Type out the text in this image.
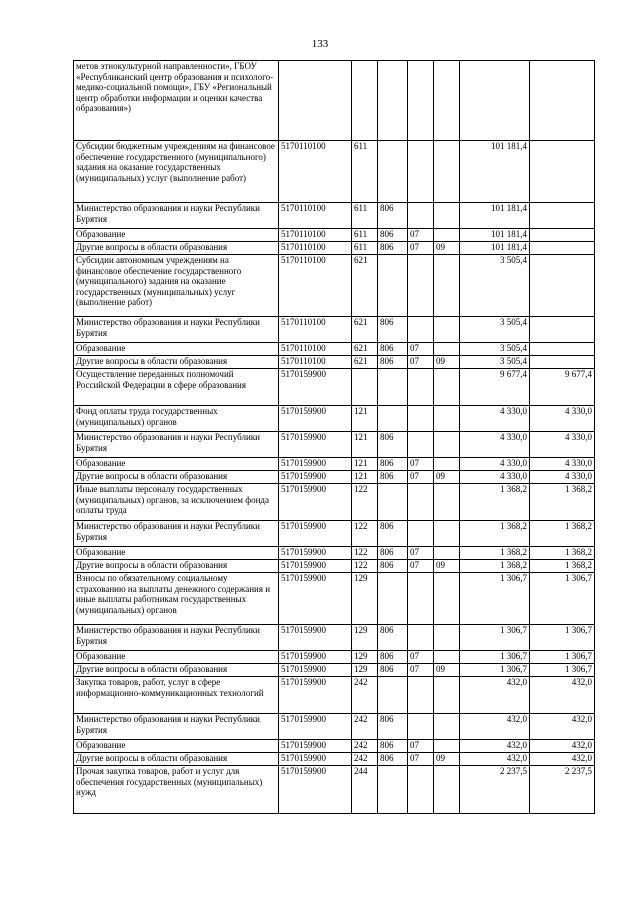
133
метов этнокультурной направленности», ГБОУ «Республиканский центр образования и психолого-медико-социальной помощи», ГБУ «Региональный центр обработки информации и оценки качества образования»)							
Субсидии бюджетным учреждениям на финансовое обеспечение государственного (муниципального) задания на оказание государственных (муниципальных) услуг (выполнение работ)	5170110100	611				101 181,4	
Министерство образования и науки Республики Бурятия	5170110100	611	806			101 181,4	
Образование	5170110100	611	806	07		101 181,4	
Другие вопросы в области образования	5170110100	611	806	07	09	101 181,4	
Субсидии автономным учреждениям на финансовое обеспечение государственного (муниципального) задания на оказание государственных (муниципальных) услуг (выполнение работ)	5170110100	621				3 505,4	
Министерство образования и науки Республики Бурятия	5170110100	621	806			3 505,4	
Образование	5170110100	621	806	07		3 505,4	
Другие вопросы в области образования	5170110100	621	806	07	09	3 505,4	
Осуществление переданных полномочий Российской Федерации в сфере образования	5170159900					9 677,4	9 677,4
Фонд оплаты труда государственных (муниципальных) органов	5170159900	121				4 330,0	4 330,0
Министерство образования и науки Республики Бурятия	5170159900	121	806			4 330,0	4 330,0
Образование	5170159900	121	806	07		4 330,0	4 330,0
Другие вопросы в области образования	5170159900	121	806	07	09	4 330,0	4 330,0
Иные выплаты персоналу государственных (муниципальных) органов, за исключением фонда оплаты труда	5170159900	122				1 368,2	1 368,2
Министерство образования и науки Республики Бурятия	5170159900	122	806			1 368,2	1 368,2
Образование	5170159900	122	806	07		1 368,2	1 368,2
Другие вопросы в области образования	5170159900	122	806	07	09	1 368,2	1 368,2
Взносы по обязательному социальному страхованию на выплаты денежного содержания и иные выплаты работникам государственных (муниципальных) органов	5170159900	129				1 306,7	1 306,7
Министерство образования и науки Республики Бурятия	5170159900	129	806			1 306,7	1 306,7
Образование	5170159900	129	806	07		1 306,7	1 306,7
Другие вопросы в области образования	5170159900	129	806	07	09	1 306,7	1 306,7
Закупка товаров, работ, услуг в сфере информационно-коммуникационных технологий	5170159900	242				432,0	432,0
Министерство образования и науки Республики Бурятия	5170159900	242	806			432,0	432,0
Образование	5170159900	242	806	07		432,0	432,0
Другие вопросы в области образования	5170159900	242	806	07	09	432,0	432,0
Прочая закупка товаров, работ и услуг для обеспечения государственных (муниципальных) нужд	5170159900	244				2 237,5	2 237,5
